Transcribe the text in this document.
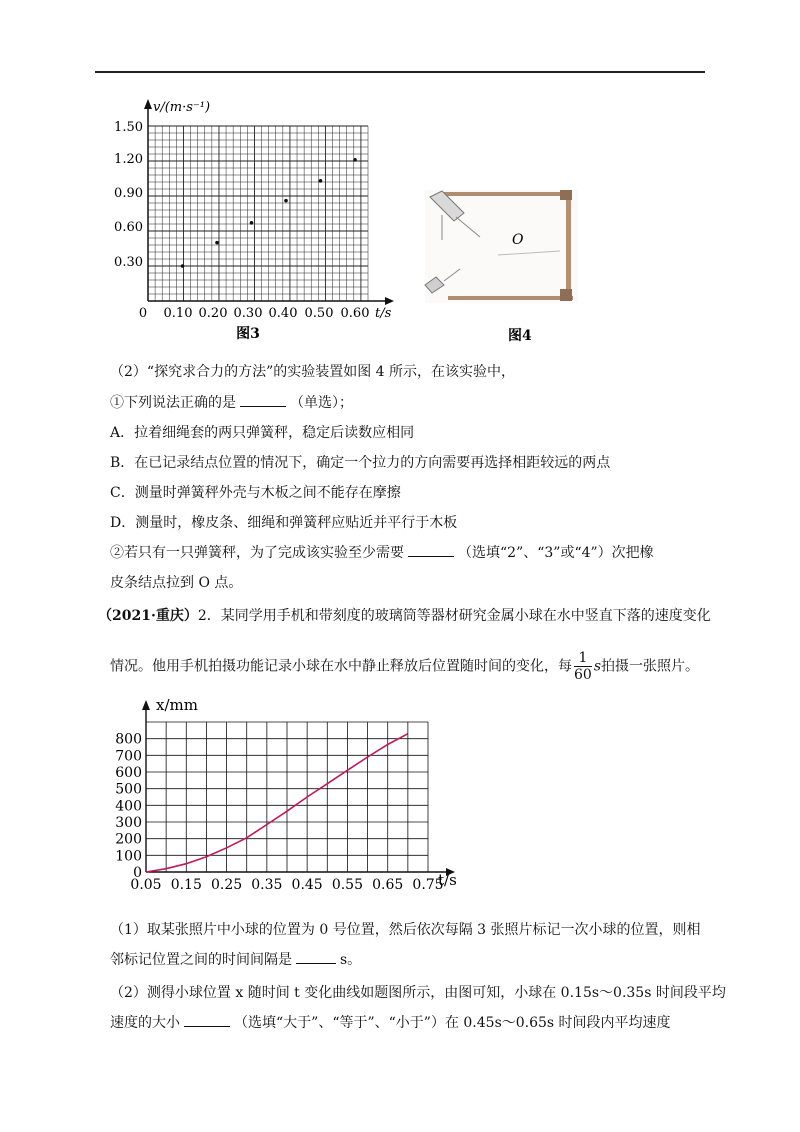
v/(m·s⁻¹)
1.50
1.20
0.90
0.60
0.30
0 0.10 0.20 0.30 0.40 0.50 0.60 t/s
图3
O
图4
（2）“探究求合力的方法”的实验装置如图 4 所示，在该实验中，
①下列说法正确的是	（单选）；
A．拉着细绳套的两只弹簧秤，稳定后读数应相同
B．在已记录结点位置的情况下，确定一个拉力的方向需要再选择相距较远的两点
C．测量时弹簧秤外壳与木板之间不能存在摩擦
D．测量时，橡皮条、细绳和弹簧秤应贴近并平行于木板
②若只有一只弹簧秤，为了完成该实验至少需要	（选填“2”、“3”或“4”）次把橡
皮条结点拉到 O 点。
（2021·重庆）2．某同学用手机和带刻度的玻璃筒等器材研究金属小球在水中竖直下落的速度变化
情况。他用手机拍摄功能记录小球在水中静止释放后位置随时间的变化，每 $\frac{1}{60}$ s拍摄一张照片。
0
100
200
300
400
500
600
700
800
0.05 0.15 0.25 0.35 0.45 0.55 0.65 0.75
x/mm
t/s
（1）取某张照片中小球的位置为 0 号位置，然后依次每隔 3 张照片标记一次小球的位置，则相
邻标记位置之间的时间间隔是	s。
（2）测得小球位置 x 随时间 t 变化曲线如题图所示，由图可知，小球在 0.15s～0.35s 时间段平均
速度的大小	（选填“大于”、“等于”、“小于”）在 0.45s～0.65s 时间段内平均速度
